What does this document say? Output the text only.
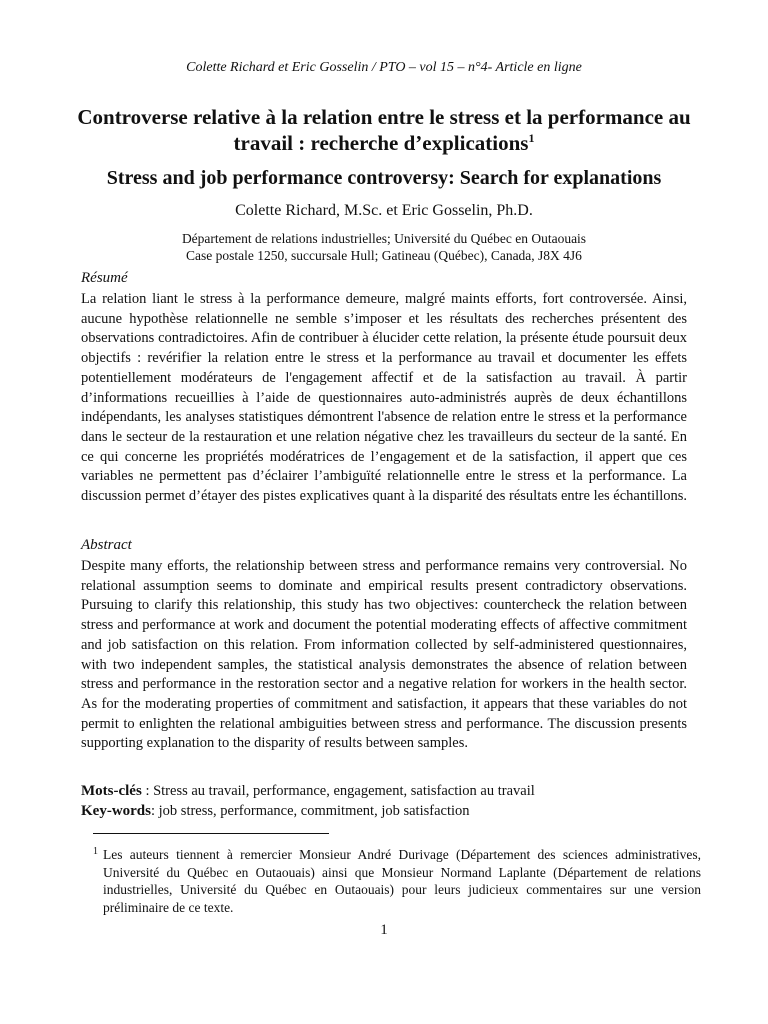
Colette Richard et Eric Gosselin / PTO – vol 15 – n°4- Article en ligne
Controverse relative à la relation entre le stress et la performance au travail : recherche d’explications$^1$
Stress and job performance controversy: Search for explanations
Colette Richard, M.Sc. et Eric Gosselin, Ph.D.
Département de relations industrielles; Université du Québec en Outaouais
Case postale 1250, succursale Hull; Gatineau (Québec), Canada, J8X 4J6
Résumé

La relation liant le stress à la performance demeure, malgré maints efforts, fort controversée. Ainsi, aucune hypothèse relationnelle ne semble s’imposer et les résultats des recherches présentent des observations contradictoires. Afin de contribuer à élucider cette relation, la présente étude poursuit deux objectifs : revérifier la relation entre le stress et la performance au travail et documenter les effets potentiellement modérateurs de l'engagement affectif et de la satisfaction au travail. À partir d’informations recueillies à l’aide de questionnaires auto-administrés auprès de deux échantillons indépendants, les analyses statistiques démontrent l'absence de relation entre le stress et la performance dans le secteur de la restauration et une relation négative chez les travailleurs du secteur de la santé. En ce qui concerne les propriétés modératrices de l’engagement et de la satisfaction, il appert que ces variables ne permettent pas d’éclairer l’ambiguïté relationnelle entre le stress et la performance. La discussion permet d’étayer des pistes explicatives quant à la disparité des résultats entre les échantillons.

Abstract

Despite many efforts, the relationship between stress and performance remains very controversial. No relational assumption seems to dominate and empirical results present contradictory observations. Pursuing to clarify this relationship, this study has two objectives: countercheck the relation between stress and performance at work and document the potential moderating effects of affective commitment and job satisfaction on this relation. From information collected by self-administered questionnaires, with two independent samples, the statistical analysis demonstrates the absence of relation between stress and performance in the restoration sector and a negative relation for workers in the health sector. As for the moderating properties of commitment and satisfaction, it appears that these variables do not permit to enlighten the relational ambiguities between stress and performance. The discussion presents supporting explanation to the disparity of results between samples.

Mots-clés : Stress au travail, performance, engagement, satisfaction au travail
Key-words: job stress, performance, commitment, job satisfaction
1 Les auteurs tiennent à remercier Monsieur André Durivage (Département des sciences administratives, Université du Québec en Outaouais) ainsi que Monsieur Normand Laplante (Département de relations industrielles, Université du Québec en Outaouais) pour leurs judicieux commentaires sur une version préliminaire de ce texte.
1
